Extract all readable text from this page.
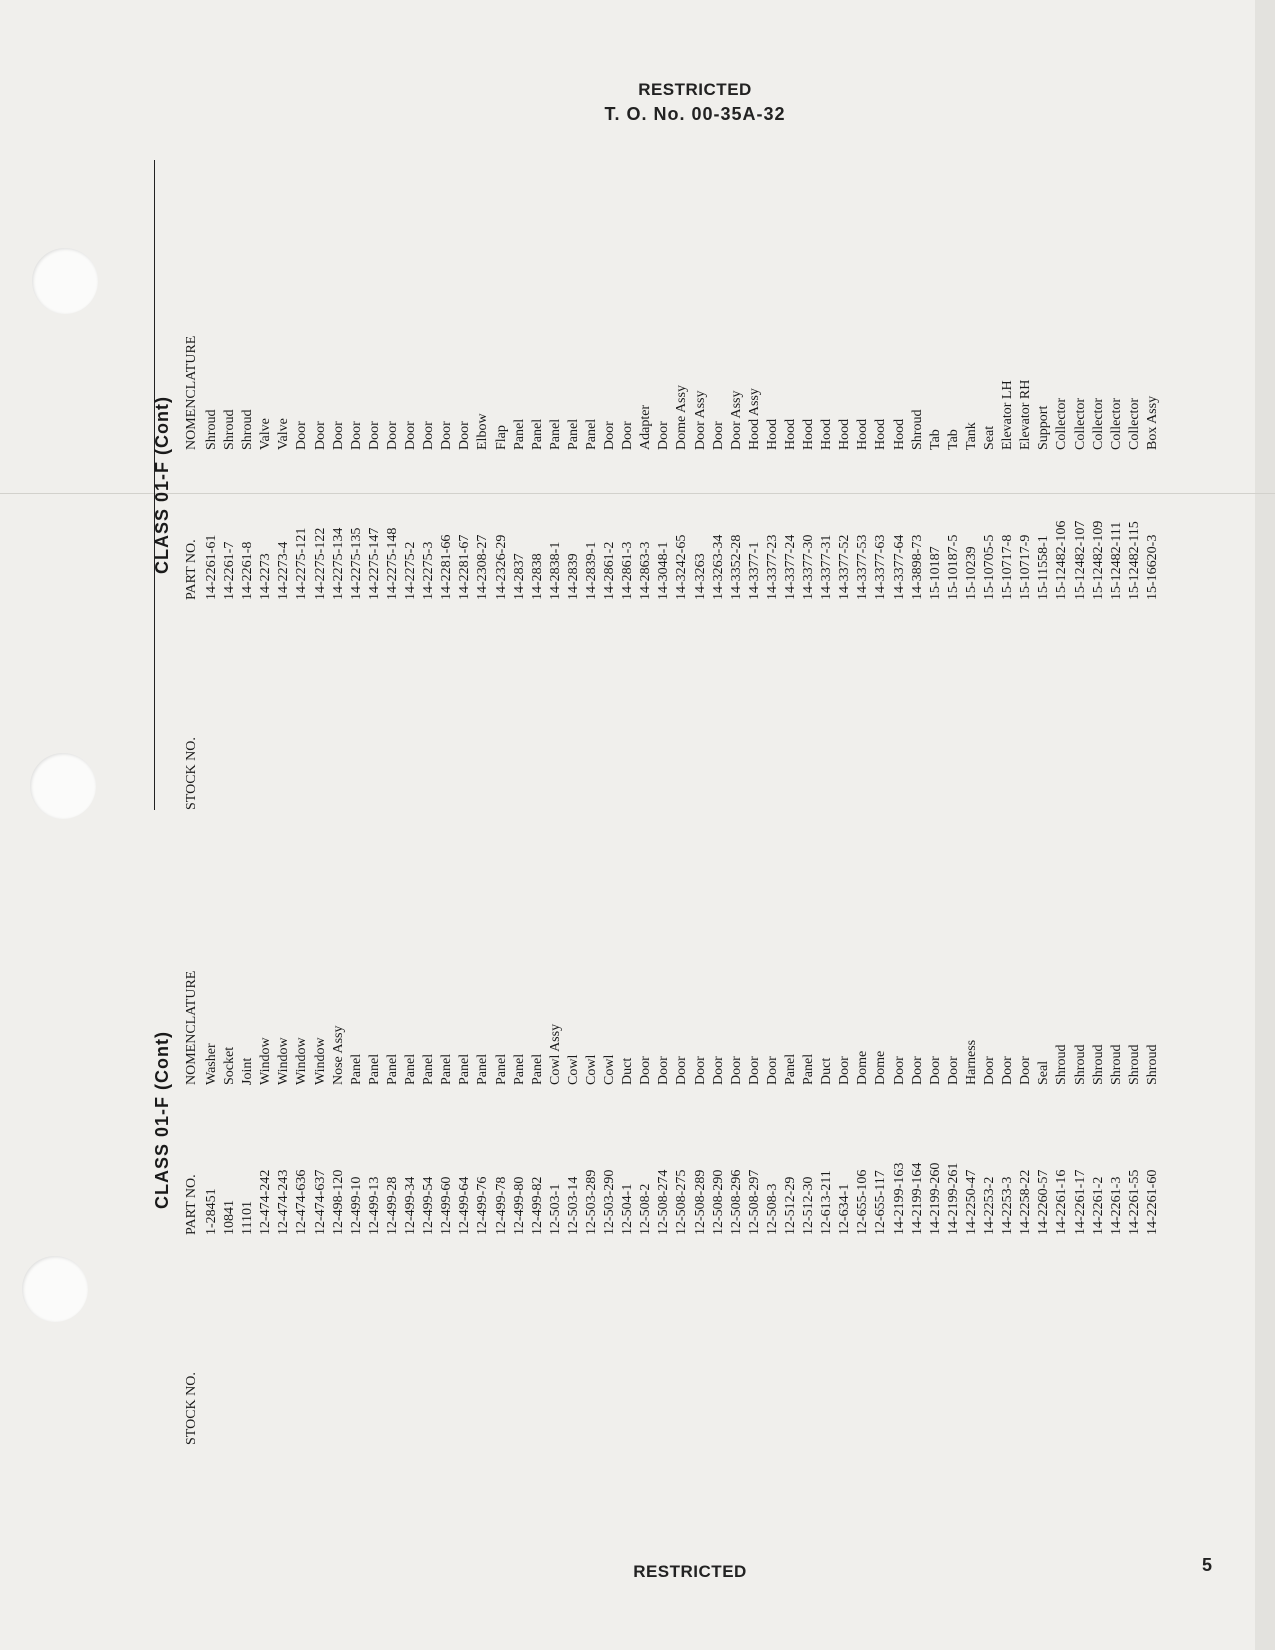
RESTRICTED
T. O. No. 00-35A-32
CLASS 01-F (Cont)
STOCK NO.
PART NO.
NOMENCLATURE
14-2261-61 14-2261-7 14-2261-8 14-2273 14-2273-4 14-2275-121 14-2275-122 14-2275-134 14-2275-135 14-2275-147 14-2275-148 14-2275-2 14-2275-3 14-2281-66 14-2281-67 14-2308-27 14-2326-29 14-2837 14-2838 14-2838-1 14-2839 14-2839-1 14-2861-2 14-2861-3 14-2863-3 14-3048-1 14-3242-65 14-3263 14-3263-34 14-3352-28 14-3377-1 14-3377-23 14-3377-24 14-3377-30 14-3377-31 14-3377-52 14-3377-53 14-3377-63 14-3377-64 14-3898-73 15-10187 15-10187-5 15-10239 15-10705-5 15-10717-8 15-10717-9 15-11558-1 15-12482-106 15-12482-107 15-12482-109 15-12482-111 15-12482-115 15-16620-3
Shroud Shroud Shroud Valve Valve Door Door Door Door Door Door Door Door Door Door Elbow Flap Panel Panel Panel Panel Panel Door Door Adapter Door Dome Assy Door Assy Door Door Assy Hood Assy Hood Hood Hood Hood Hood Hood Hood Hood Shroud Tab Tab Tank Seat Elevator LH Elevator RH Support Collector Collector Collector Collector Collector Box Assy
CLASS 01-F (Cont)
STOCK NO.
PART NO.
NOMENCLATURE
1-28451 10841 11101 12-474-242 12-474-243 12-474-636 12-474-637 12-498-120 12-499-10 12-499-13 12-499-28 12-499-34 12-499-54 12-499-60 12-499-64 12-499-76 12-499-78 12-499-80 12-499-82 12-503-1 12-503-14 12-503-289 12-503-290 12-504-1 12-508-2 12-508-274 12-508-275 12-508-289 12-508-290 12-508-296 12-508-297 12-508-3 12-512-29 12-512-30 12-613-211 12-634-1 12-655-106 12-655-117 14-2199-163 14-2199-164 14-2199-260 14-2199-261 14-2250-47 14-2253-2 14-2253-3 14-2258-22 14-2260-57 14-2261-16 14-2261-17 14-2261-2 14-2261-3 14-2261-55 14-2261-60
Washer Socket Joint Window Window Window Window Nose Assy Panel Panel Panel Panel Panel Panel Panel Panel Panel Panel Panel Cowl Assy Cowl Cowl Cowl Duct Door Door Door Door Door Door Door Door Panel Panel Duct Door Dome Dome Door Door Door Door Harness Door Door Door Seal Shroud Shroud Shroud Shroud Shroud Shroud
RESTRICTED	5
